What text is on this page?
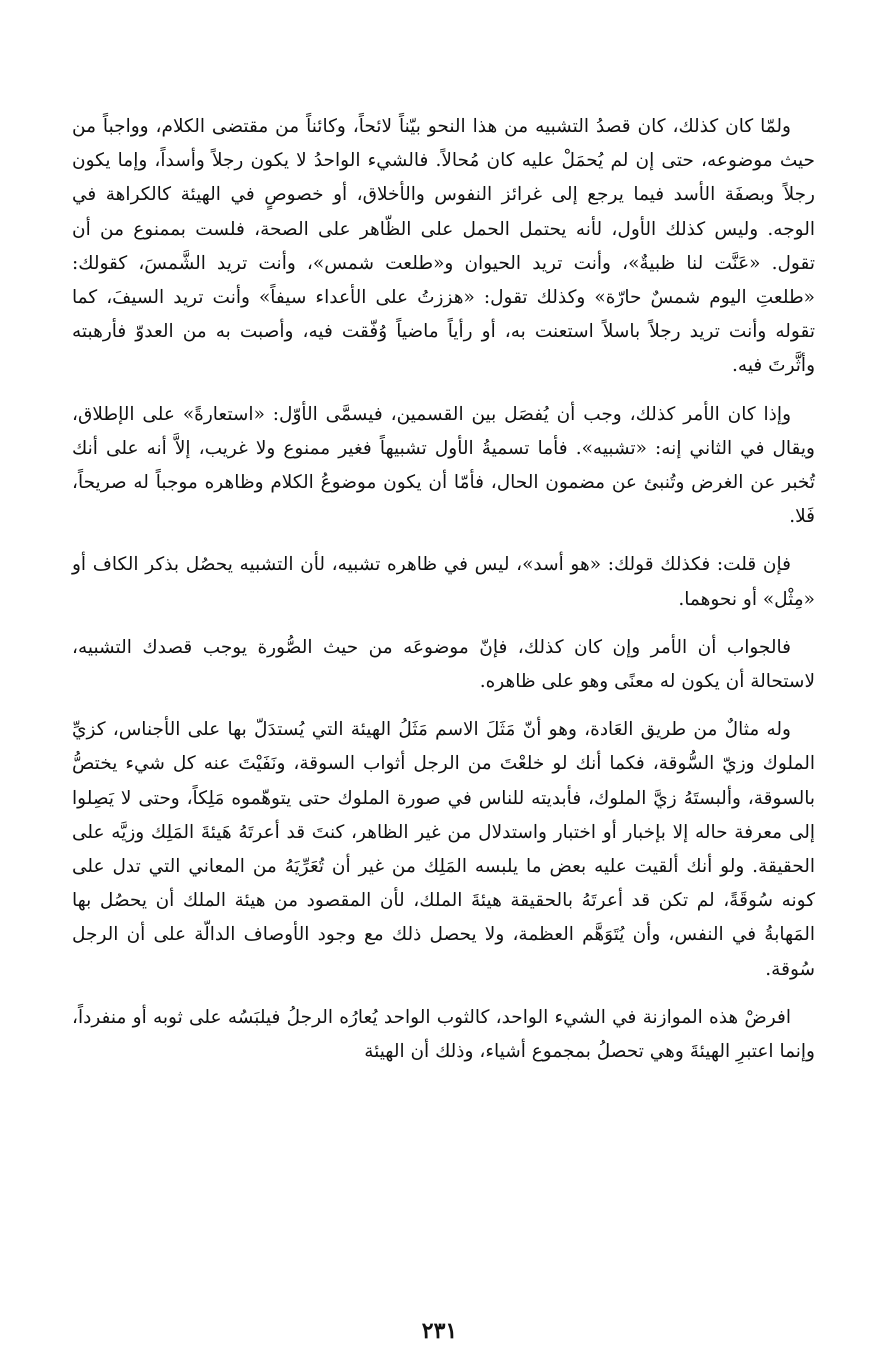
ولمّا كان كذلك، كان قصدُ التشبيه من هذا النحو بيّناً لائحاً، وكائناً من مقتضى الكلام، وواجباً من حيث موضوعه، حتى إن لم يُحمَلْ عليه كان مُحالاً. فالشيء الواحدُ لا يكون رجلاً وأسداً، وإما يكون رجلاً وبصفَة الأسد فيما يرجع إلى غرائز النفوس والأخلاق، أو خصوصٍ في الهيئة كالكراهة في الوجه. وليس كذلك الأول، لأنه يحتمل الحمل على الظّاهر على الصحة، فلست بممنوع من أن تقول. «عَنَّت لنا ظبيةٌ»، وأنت تريد الحيوان و«طلعت شمس»، وأنت تريد الشَّمسَ، كقولك: «طلعتِ اليوم شمسٌ حارّة» وكذلك تقول: «هززتُ على الأعداء سيفاً» وأنت تريد السيفَ، كما تقوله وأنت تريد رجلاً باسلاً استعنت به، أو رأياً ماضياً وُفّقت فيه، وأصبت به من العدوّ فأرهبته وأثَّرتَ فيه.

وإذا كان الأمر كذلك، وجب أن يُفصَل بين القسمين، فيسمَّى الأوّل: «استعارةً» على الإطلاق، ويقال في الثاني إنه: «تشبيه». فأما تسميةُ الأول تشبيهاً فغير ممنوع ولا غريب، إلاَّ أنه على أنك تُخبر عن الغرض وتُنبئ عن مضمون الحال، فأمّا أن يكون موضوعُ الكلام وظاهره موجباً له صريحاً، فَلا.

فإن قلت: فكذلك قولك: «هو أسد»، ليس في ظاهره تشبيه، لأن التشبيه يحصُل بذكر الكاف أو «مِثْل» أو نحوهما.

فالجواب أن الأمر وإن كان كذلك، فإنّ موضوعَه من حيث الصُّورة يوجب قصدك التشبيه، لاستحالة أن يكون له معنًى وهو على ظاهره.

وله مثالٌ من طريق العَادة، وهو أنّ مَثَلَ الاسم مَثَلُ الهيئة التي يُستدَلّ بها على الأجناس، كزيِّ الملوك وزيّ السُّوقة، فكما أنك لو خلعْتَ من الرجل أثواب السوقة، ونَفَيْتَ عنه كل شيء يختصُّ بالسوقة، وألبستَهُ زيَّ الملوك، فأبديته للناس في صورة الملوك حتى يتوهّموه مَلِكاً، وحتى لا يَصِلوا إلى معرفة حاله إلا بإخبار أو اختبار واستدلال من غير الظاهر، كنتَ قد أعرتَهُ هَيئةَ المَلِك وزيَّه على الحقيقة. ولو أنك ألقيت عليه بعض ما يلبسه المَلِك من غير أن تُعَرِّيَهُ من المعاني التي تدل على كونه سُوقَةً، لم تكن قد أعرتَهُ بالحقيقة هيئةَ الملك، لأن المقصود من هيئة الملك أن يحصُل بها المَهابةُ في النفس، وأن يُتَوَهَّم العظمة، ولا يحصل ذلك مع وجود الأوصاف الدالّة على أن الرجل سُوقة.

افرضْ هذه الموازنة في الشيء الواحد، كالثوب الواحد يُعارُه الرجلُ فيلبَسُه على ثوبه أو منفرداً، وإنما اعتبرِ الهيئةَ وهي تحصلُ بمجموع أشياء، وذلك أن الهيئة

٢٣١
